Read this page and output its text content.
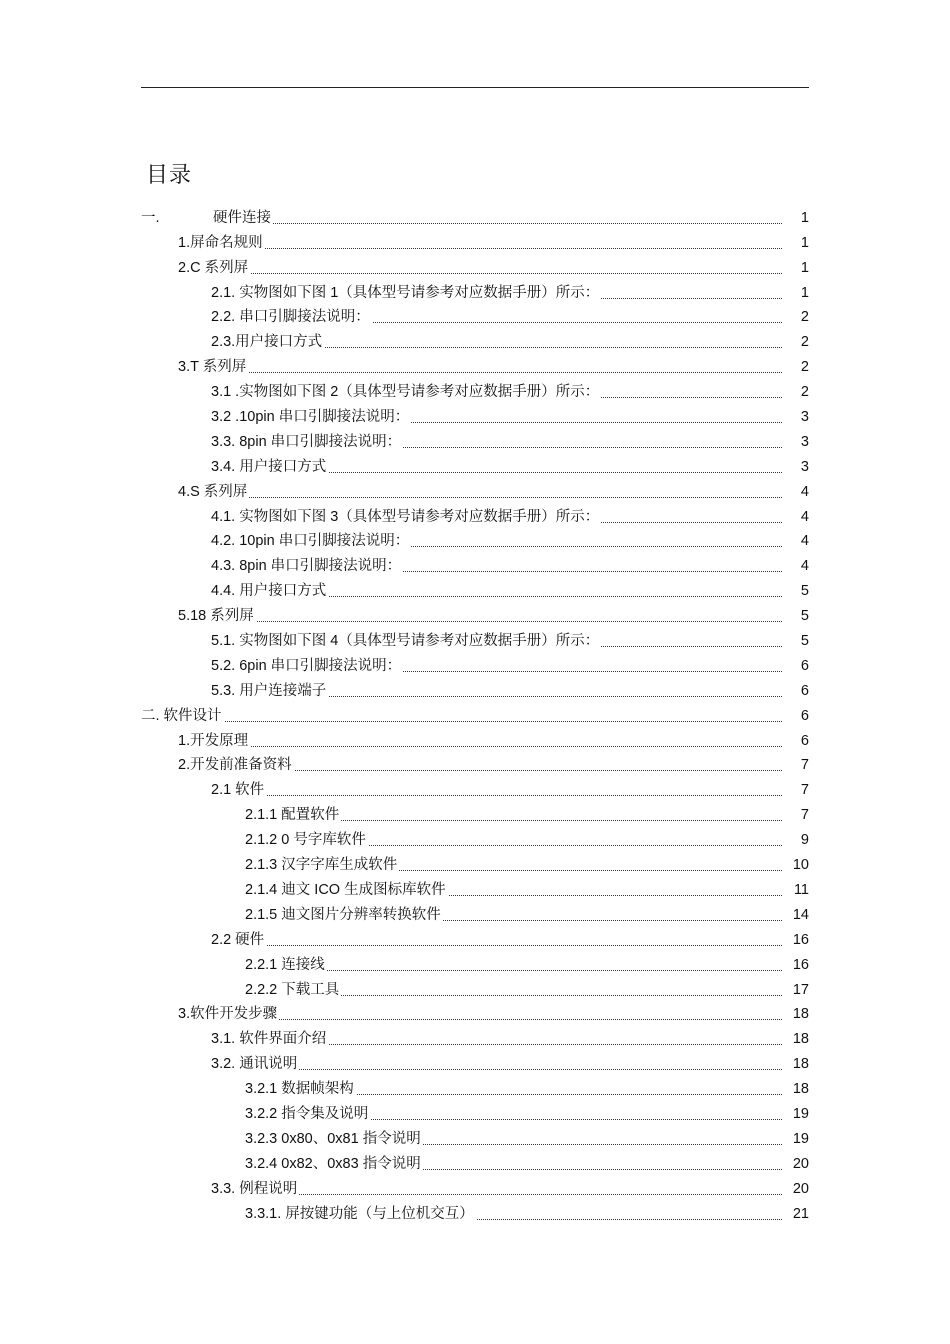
目录
一.	硬件连接	1
1.屏命名规则	1
2.C 系列屏	1
2.1. 实物图如下图 1（具体型号请参考对应数据手册）所示：	1
2.2. 串口引脚接法说明：	2
2.3.用户接口方式	2
3.T 系列屏	2
3.1 .实物图如下图 2（具体型号请参考对应数据手册）所示：	2
3.2 .10pin 串口引脚接法说明：	3
3.3. 8pin 串口引脚接法说明：	3
3.4. 用户接口方式	3
4.S 系列屏	4
4.1. 实物图如下图 3（具体型号请参考对应数据手册）所示：	4
4.2. 10pin 串口引脚接法说明：	4
4.3. 8pin 串口引脚接法说明：	4
4.4. 用户接口方式	5
5.18 系列屏	5
5.1. 实物图如下图 4（具体型号请参考对应数据手册）所示：	5
5.2. 6pin 串口引脚接法说明：	6
5.3. 用户连接端子	6
二. 软件设计	6
1.开发原理	6
2.开发前准备资料	7
2.1 软件	7
2.1.1 配置软件	7
2.1.2 0 号字库软件	9
2.1.3 汉字字库生成软件	10
2.1.4 迪文 ICO 生成图标库软件	11
2.1.5 迪文图片分辨率转换软件	14
2.2 硬件	16
2.2.1 连接线	16
2.2.2 下载工具	17
3.软件开发步骤	18
3.1. 软件界面介绍	18
3.2. 通讯说明	18
3.2.1 数据帧架构	18
3.2.2 指令集及说明	19
3.2.3 0x80、0x81 指令说明	19
3.2.4 0x82、0x83 指令说明	20
3.3. 例程说明	20
3.3.1. 屏按键功能（与上位机交互）	21
